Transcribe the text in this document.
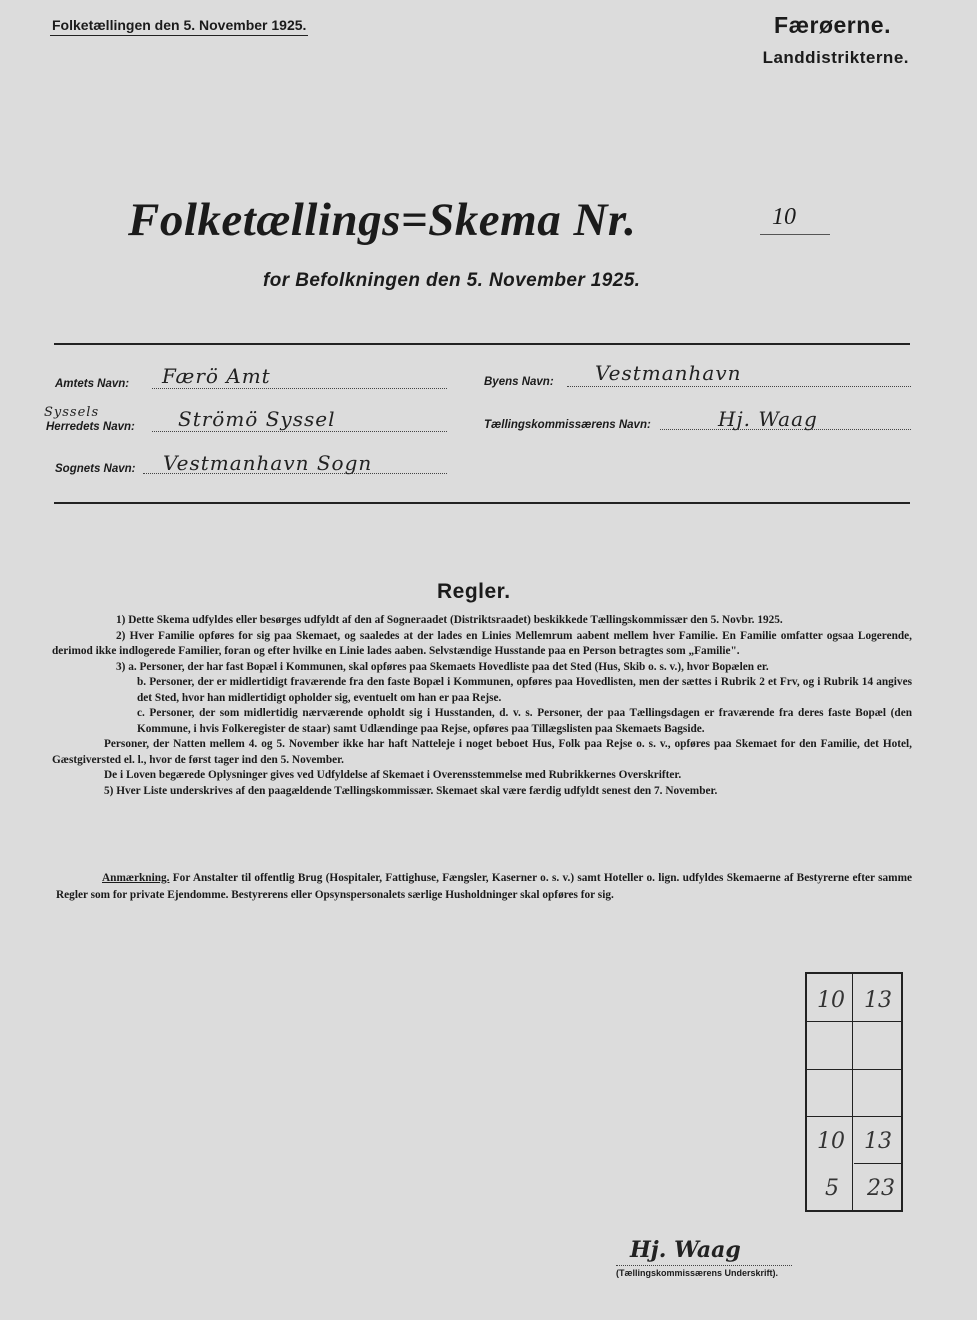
Folketællingen den 5. November 1925.	Færøerne.
Landdistrikterne.
Folketællings=Skema Nr.	10
for Befolkningen den 5. November 1925.
Amtets Navn: Færö Amt
Syssels
Herredets Navn: Strömö Syssel
Sognets Navn: Vestmanhavn Sogn
Byens Navn: Vestmanhavn
Tællingskommissærens Navn:	Hj. Waag
Regler.

1) Dette Skema udfyldes eller besørges udfyldt af den af Sogneraadet (Distriktsraadet) beskikkede Tællingskommissær den 5. Novbr. 1925.

2) Hver Familie opføres for sig paa Skemaet, og saaledes at der lades en Linies Mellemrum aabent mellem hver Familie. En Familie omfatter ogsaa Logerende, derimod ikke indlogerede Familier, foran og efter hvilke en Linie lades aaben. Selvstændige Husstande paa en Person betragtes som „Familie".

3) a. Personer, der har fast Bopæl i Kommunen, skal opføres paa Skemaets Hovedliste paa det Sted (Hus, Skib o. s. v.), hvor Bopælen er.

b. Personer, der er midlertidigt fraværende fra den faste Bopæl i Kommunen, opføres paa Hovedlisten, men der sættes i Rubrik 2 et Frv, og i Rubrik 14 angives det Sted, hvor han midlertidigt opholder sig, eventuelt om han er paa Rejse.

c. Personer, der som midlertidig nærværende opholdt sig i Husstanden, d. v. s. Personer, der paa Tællingsdagen er fraværende fra deres faste Bopæl (den Kommune, i hvis Folkeregister de staar) samt Udlændinge paa Rejse, opføres paa Tillægslisten paa Skemaets Bagside.

Personer, der Natten mellem 4. og 5. November ikke har haft Natteleje i noget beboet Hus, Folk paa Rejse o. s. v., opføres paa Skemaet for den Familie, det Hotel, Gæstgiversted el. l., hvor de først tager ind den 5. November.

De i Loven begærede Oplysninger gives ved Udfyldelse af Skemaet i Overensstemmelse med Rubrikkernes Overskrifter.

5) Hver Liste underskrives af den paagældende Tællingskommissær. Skemaet skal være færdig udfyldt senest den 7. November.

Anmærkning. For Anstalter til offentlig Brug (Hospitaler, Fattighuse, Fængsler, Kaserner o. s. v.) samt Hoteller o. lign. udfyldes Skemaerne af Bestyrerne efter samme Regler som for private Ejendomme. Bestyrerens eller Opsynspersonalets særlige Husholdninger skal opføres for sig.
10 13
10 13
5 23
Hj. Waag
(Tællingskommissærens Underskrift).
